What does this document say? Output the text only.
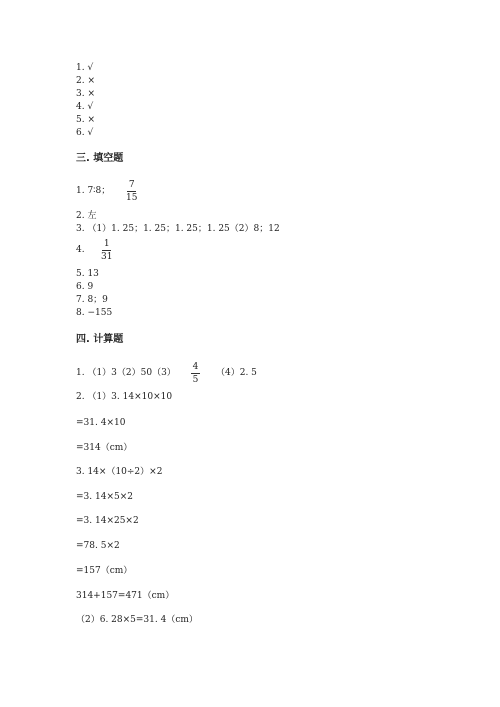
1. √
2. ×
3. ×
4. √
5. ×
6. √
三. 填空题
1. 7∶8；
7
15
2. 左
3. （1）1. 25；1. 25；1. 25；1. 25（2）8；12
4.
1
31
5. 13
6. 9
7. 8；9
8. −155
四. 计算题
1. （1）3（2）50（3）
4
5
（4）2. 5
2. （1）3. 14×10×10
=31. 4×10
=314（cm）
3. 14×（10÷2）×2
=3. 14×5×2
=3. 14×25×2
=78. 5×2
=157（cm）
314+157=471（cm）
（2）6. 28×5=31. 4（cm）
